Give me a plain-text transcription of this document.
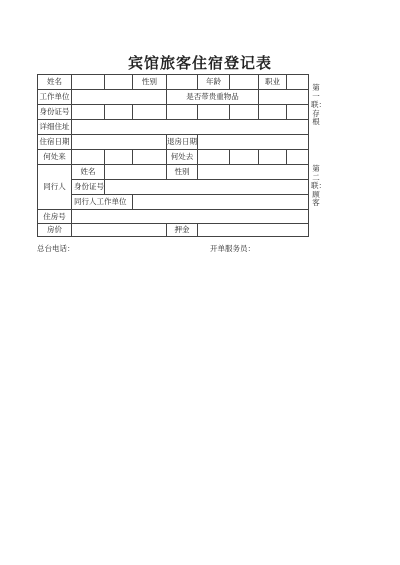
宾馆旅客住宿登记表
姓名	性别	年龄	职业
工作单位	是否带贵重物品
身份证号
详细住址
住宿日期	退房日期
何处来	何处去
同行人
姓名	性别
身份证号
同行人工作单位
住房号
房价	押金
第一联：存根
第二联：顾客
总台电话：	开单服务员：
